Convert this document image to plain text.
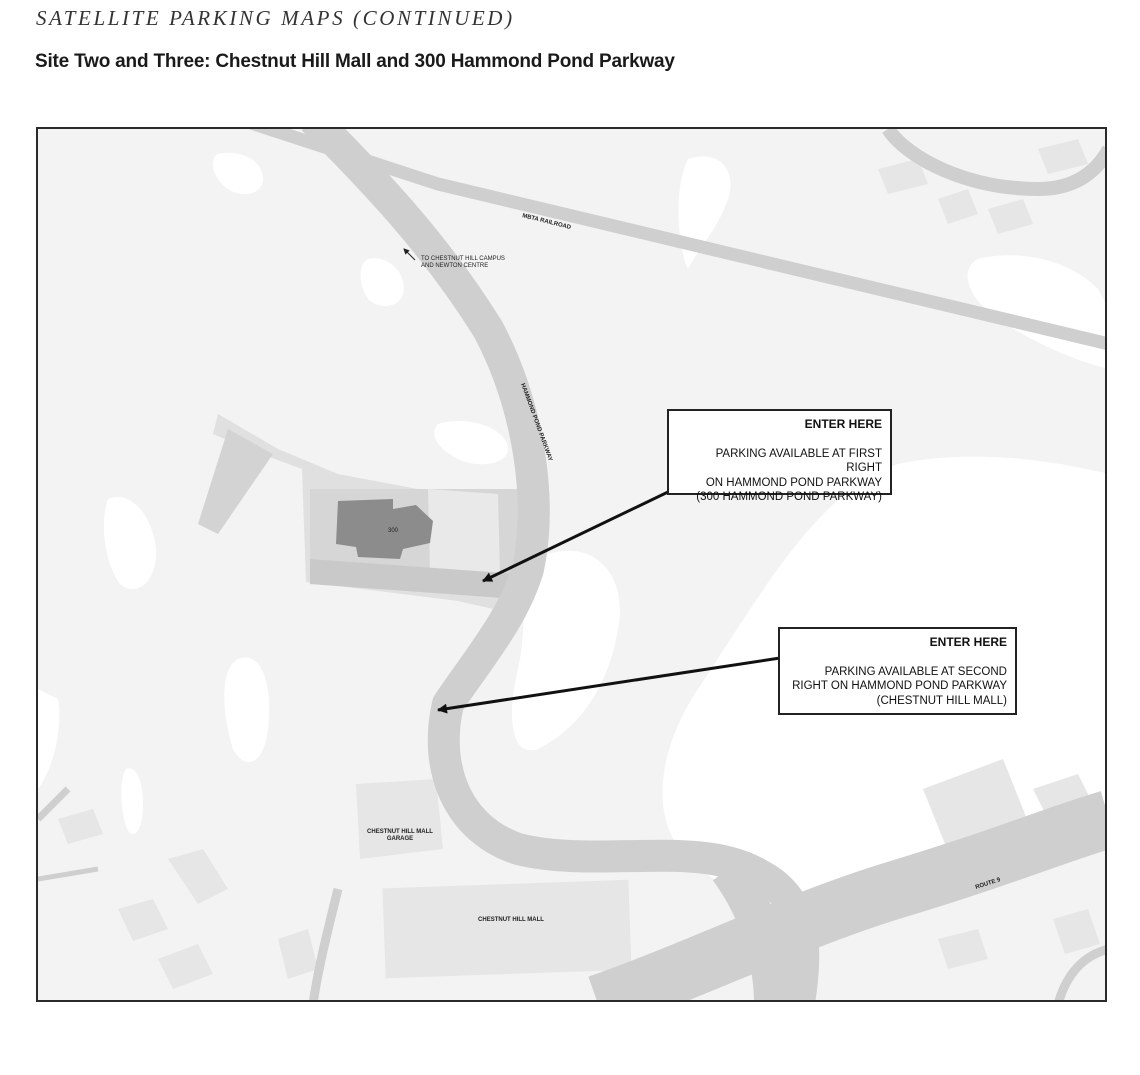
SATELLITE PARKING MAPS (CONTINUED)
Site Two and Three: Chestnut Hill Mall and 300 Hammond Pond Parkway
300
MBTA RAILROAD
TO CHESTNUT HILL CAMPUS
AND NEWTON CENTRE
HAMMOND POND PARKWAY
CHESTNUT HILL MALL
GARAGE
CHESTNUT HILL MALL
ROUTE 9
ENTER HERE
PARKING AVAILABLE AT FIRST RIGHT
ON HAMMOND POND PARKWAY
(300 HAMMOND POND PARKWAY)
ENTER HERE
PARKING AVAILABLE AT SECOND
RIGHT ON HAMMOND POND PARKWAY
(CHESTNUT HILL MALL)
